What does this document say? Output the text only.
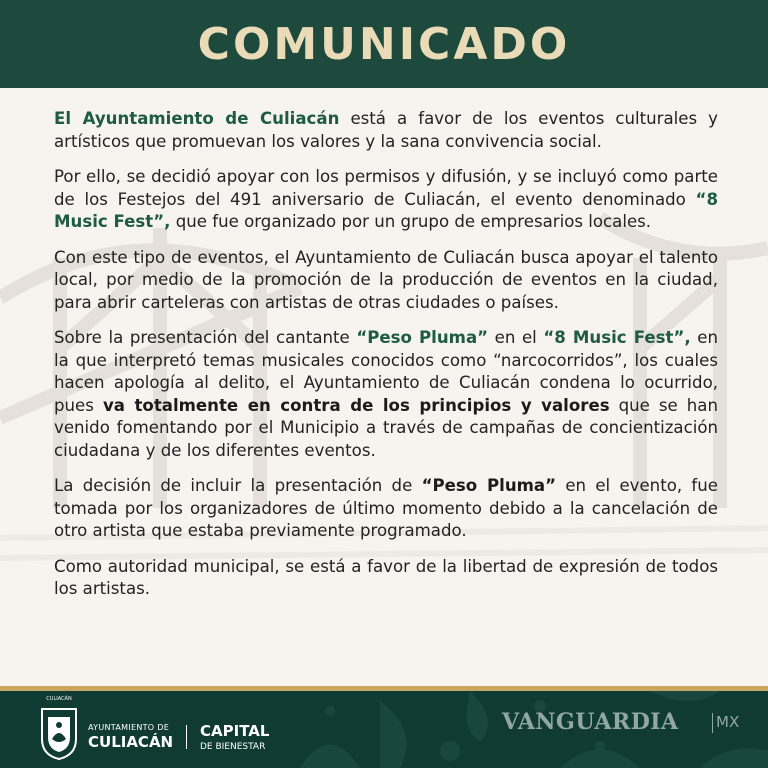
COMUNICADO

El Ayuntamiento de Culiacán está a favor de los eventos culturales y artísticos que promuevan los valores y la sana convivencia social.

Por ello, se decidió apoyar con los permisos y difusión, y se incluyó como parte de los Festejos del 491 aniversario de Culiacán, el evento denominado “8 Music Fest”, que fue organizado por un grupo de empresarios locales.

Con este tipo de eventos, el Ayuntamiento de Culiacán busca apoyar el talento local, por medio de la promoción de la producción de eventos en la ciudad, para abrir carteleras con artistas de otras ciudades o países.

Sobre la presentación del cantante “Peso Pluma” en el “8 Music Fest”, en la que interpretó temas musicales conocidos como “narcocorridos”, los cuales hacen apología al delito, el Ayuntamiento de Culiacán condena lo ocurrido, pues va totalmente en contra de los principios y valores que se han venido fomentando por el Municipio a través de campañas de concientización ciudadana y de los diferentes eventos.

La decisión de incluir la presentación de “Peso Pluma” en el evento, fue tomada por los organizadores de último momento debido a la cancelación de otro artista que estaba previamente programado.

Como autoridad municipal, se está a favor de la libertad de expresión de todos los artistas.

CULIACÁN
AYUNTAMIENTO DE
CULIACÁN
CAPITAL
DE BIENESTAR
VANGUARDIA MX
